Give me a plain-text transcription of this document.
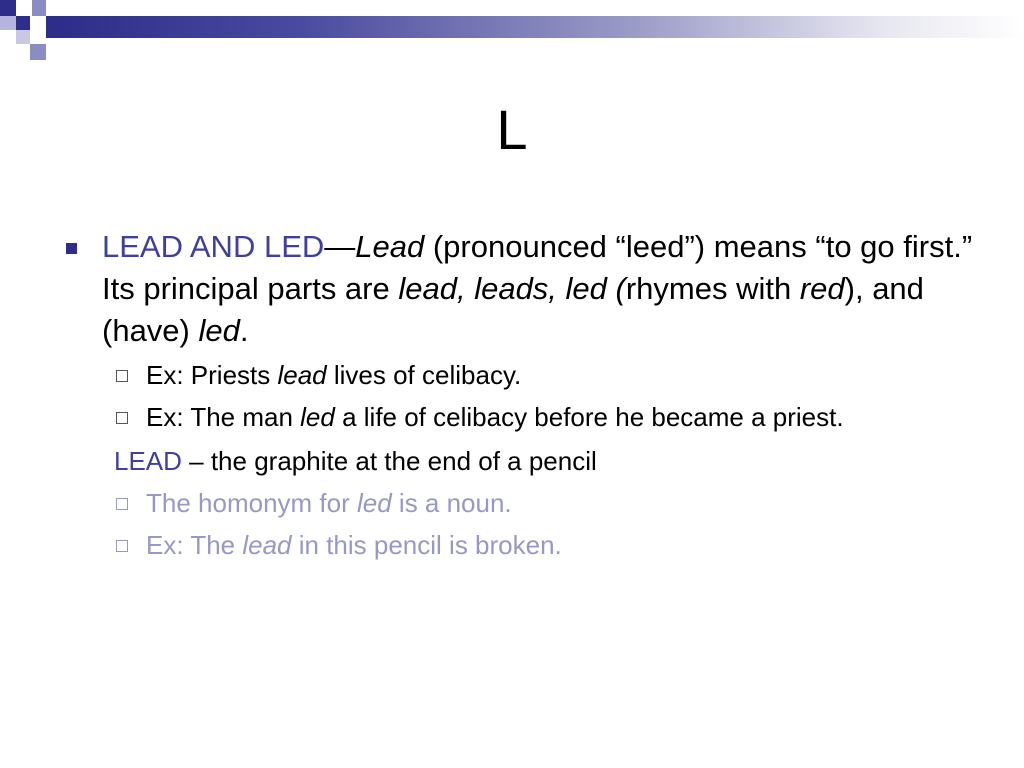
L
LEAD AND LED—Lead (pronounced “leed”) means “to go first.” Its principal parts are lead, leads, led (rhymes with red), and (have) led.
Ex: Priests lead lives of celibacy.
Ex: The man led a life of celibacy before he became a priest.
LEAD – the graphite at the end of a pencil
The homonym for led is a noun.
Ex: The lead in this pencil is broken.
